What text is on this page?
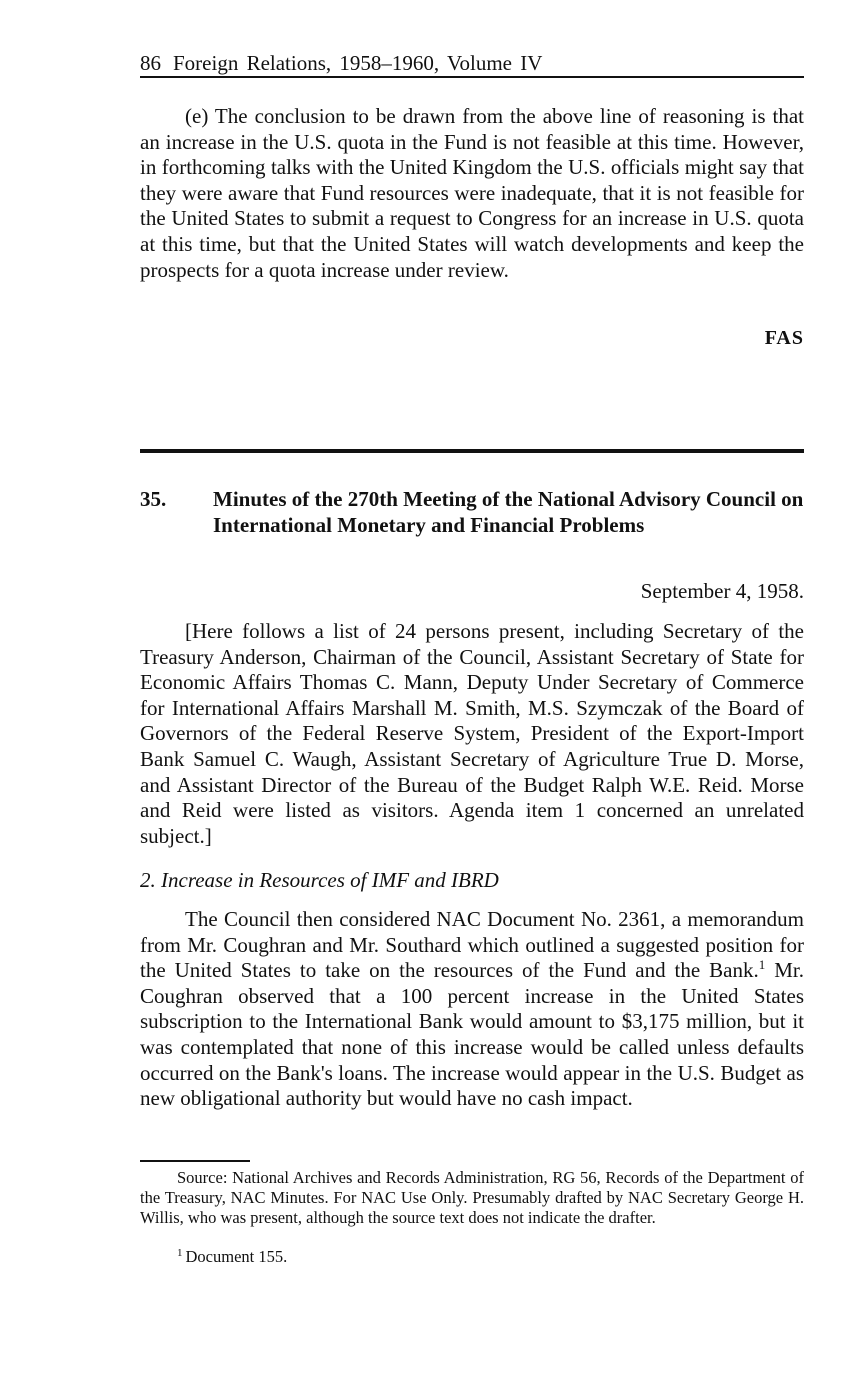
86 Foreign Relations, 1958–1960, Volume IV

(e) The conclusion to be drawn from the above line of reasoning is that an increase in the U.S. quota in the Fund is not feasible at this time. However, in forthcoming talks with the United Kingdom the U.S. officials might say that they were aware that Fund resources were inadequate, that it is not feasible for the United States to submit a request to Congress for an increase in U.S. quota at this time, but that the United States will watch developments and keep the prospects for a quota increase under review.

FAS
35. Minutes of the 270th Meeting of the National Advisory Council on International Monetary and Financial Problems
September 4, 1958.

[Here follows a list of 24 persons present, including Secretary of the Treasury Anderson, Chairman of the Council, Assistant Secretary of State for Economic Affairs Thomas C. Mann, Deputy Under Secretary of Commerce for International Affairs Marshall M. Smith, M.S. Szymczak of the Board of Governors of the Federal Reserve System, President of the Export-Import Bank Samuel C. Waugh, Assistant Secretary of Agriculture True D. Morse, and Assistant Director of the Bureau of the Budget Ralph W.E. Reid. Morse and Reid were listed as visitors. Agenda item 1 concerned an unrelated subject.]

2. Increase in Resources of IMF and IBRD

The Council then considered NAC Document No. 2361, a memorandum from Mr. Coughran and Mr. Southard which outlined a suggested position for the United States to take on the resources of the Fund and the Bank.$^1$ Mr. Coughran observed that a 100 percent increase in the United States subscription to the International Bank would amount to $3,175 million, but it was contemplated that none of this increase would be called unless defaults occurred on the Bank's loans. The increase would appear in the U.S. Budget as new obligational authority but would have no cash impact.

Source: National Archives and Records Administration, RG 56, Records of the Department of the Treasury, NAC Minutes. For NAC Use Only. Presumably drafted by NAC Secretary George H. Willis, who was present, although the source text does not indicate the drafter.
$^1$ Document 155.
